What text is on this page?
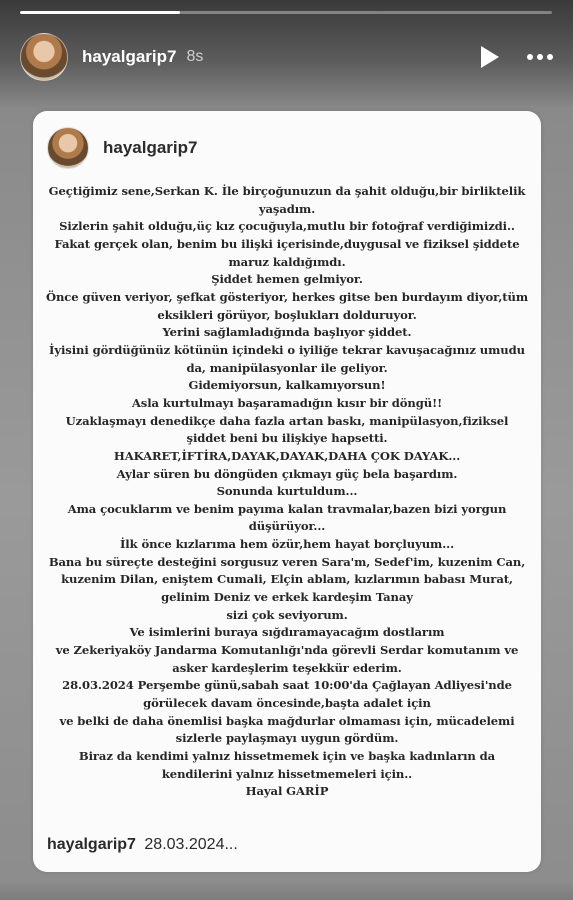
hayalgarip7 8s
hayalgarip7
Geçtiğimiz sene,Serkan K. İle birçoğunuzun da şahit olduğu,bir birliktelik
yaşadım.
Sizlerin şahit olduğu,üç kız çocuğuyla,mutlu bir fotoğraf verdiğimizdi..
Fakat gerçek olan, benim bu ilişki içerisinde,duygusal ve fiziksel şiddete
maruz kaldığımdı.
Şiddet hemen gelmiyor.
Önce güven veriyor, şefkat gösteriyor, herkes gitse ben burdayım diyor,tüm
eksikleri görüyor, boşlukları dolduruyor.
Yerini sağlamladığında başlıyor şiddet.
İyisini gördüğünüz kötünün içindeki o iyiliğe tekrar kavuşacağınız umudu
da, manipülasyonlar ile geliyor.
Gidemiyorsun, kalkamıyorsun!
Asla kurtulmayı başaramadığın kısır bir döngü!!
Uzaklaşmayı denedikçe daha fazla artan baskı, manipülasyon,fiziksel
şiddet beni bu ilişkiye hapsetti.
HAKARET,İFTİRA,DAYAK,DAYAK,DAHA ÇOK DAYAK...
Aylar süren bu döngüden çıkmayı güç bela başardım.
Sonunda kurtuldum...
Ama çocuklarım ve benim payıma kalan travmalar,bazen bizi yorgun
düşürüyor...
İlk önce kızlarıma hem özür,hem hayat borçluyum...
Bana bu süreçte desteğini sorgusuz veren Sara'm, Sedef'im, kuzenim Can,
kuzenim Dilan, eniştem Cumali, Elçin ablam, kızlarımın babası Murat,
gelinim Deniz ve erkek kardeşim Tanay
sizi çok seviyorum.
Ve isimlerini buraya sığdıramayacağım dostlarım
ve Zekeriyaköy Jandarma Komutanlığı'nda görevli Serdar komutanım ve
asker kardeşlerim teşekkür ederim.
28.03.2024 Perşembe günü,sabah saat 10:00'da Çağlayan Adliyesi'nde
görülecek davam öncesinde,başta adalet için
ve belki de daha önemlisi başka mağdurlar olmaması için, mücadelemi
sizlerle paylaşmayı uygun gördüm.
Biraz da kendimi yalnız hissetmemek için ve başka kadınların da
kendilerini yalnız hissetmemeleri için..
Hayal GARİP
hayalgarip7 28.03.2024...
